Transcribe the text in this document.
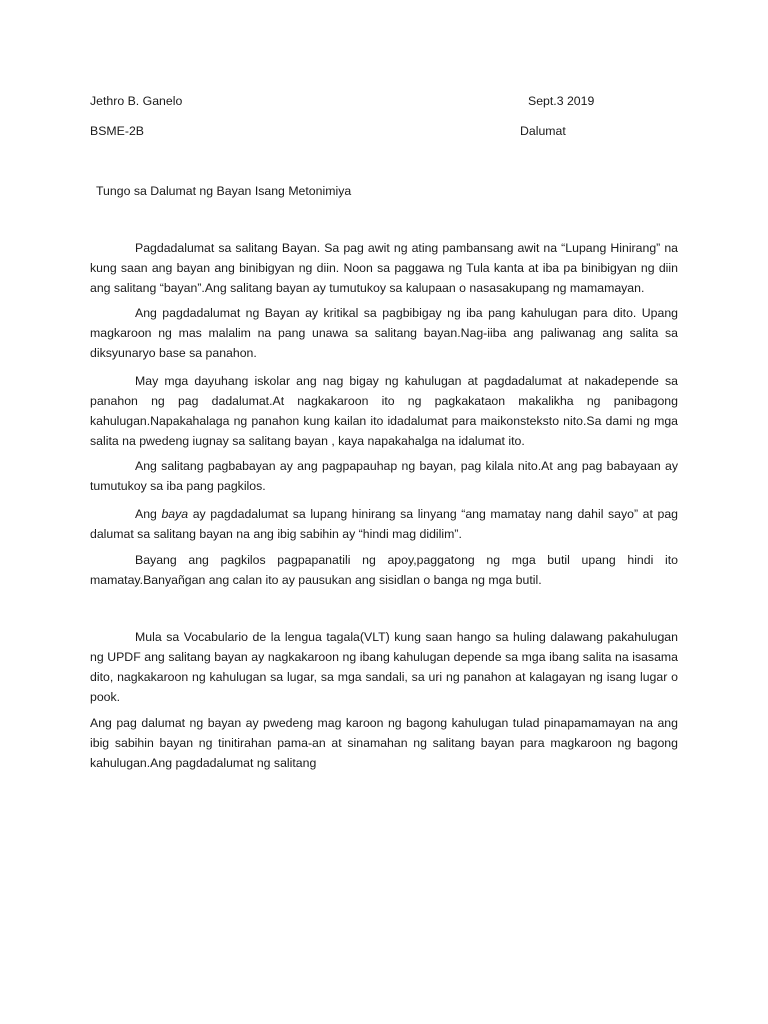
Jethro B. Ganelo	Sept.3 2019
BSME-2B	Dalumat
Tungo sa Dalumat ng Bayan Isang Metonimiya

Pagdadalumat sa salitang Bayan. Sa pag awit ng ating pambansang awit na “Lupang Hinirang” na kung saan ang bayan ang binibigyan ng diin. Noon sa paggawa ng Tula kanta at iba pa binibigyan ng diin ang salitang “bayan”.Ang salitang bayan ay tumutukoy sa kalupaan o nasasakupang ng mamamayan.

Ang pagdadalumat ng Bayan ay kritikal sa pagbibigay ng iba pang kahulugan para dito. Upang magkaroon ng mas malalim na pang unawa sa salitang bayan.Nag-iiba ang paliwanag ang salita sa diksyunaryo base sa panahon.

May mga dayuhang iskolar ang nag bigay ng kahulugan at pagdadalumat at nakadepende sa panahon ng pag dadalumat.At nagkakaroon ito ng pagkakataon makalikha ng panibagong kahulugan.Napakahalaga ng panahon kung kailan ito idadalumat para maikonsteksto nito.Sa dami ng mga salita na pwedeng iugnay sa salitang bayan , kaya napakahalga na idalumat ito.

Ang salitang pagbabayan ay ang pagpapauhap ng bayan, pag kilala nito.At ang pag babayaan ay tumutukoy sa iba pang pagkilos.

Ang baya ay pagdadalumat sa lupang hinirang sa linyang “ang mamatay nang dahil sayo” at pag dalumat sa salitang bayan na ang ibig sabihin ay “hindi mag didilim”.

Bayang ang pagkilos pagpapanatili ng apoy,paggatong ng mga butil upang hindi ito mamatay.Banyañgan ang calan ito ay pausukan ang sisidlan o banga ng mga butil.

Mula sa Vocabulario de la lengua tagala(VLT) kung saan hango sa huling dalawang pakahulugan ng UPDF ang salitang bayan ay nagkakaroon ng ibang kahulugan depende sa mga ibang salita na isasama dito, nagkakaroon ng kahulugan sa lugar, sa mga sandali, sa uri ng panahon at kalagayan ng isang lugar o pook.

Ang pag dalumat ng bayan ay pwedeng mag karoon ng bagong kahulugan tulad pinapamamayan na ang ibig sabihin bayan ng tinitirahan pama-an at sinamahan ng salitang bayan para magkaroon ng bagong kahulugan.Ang pagdadalumat ng salitang
